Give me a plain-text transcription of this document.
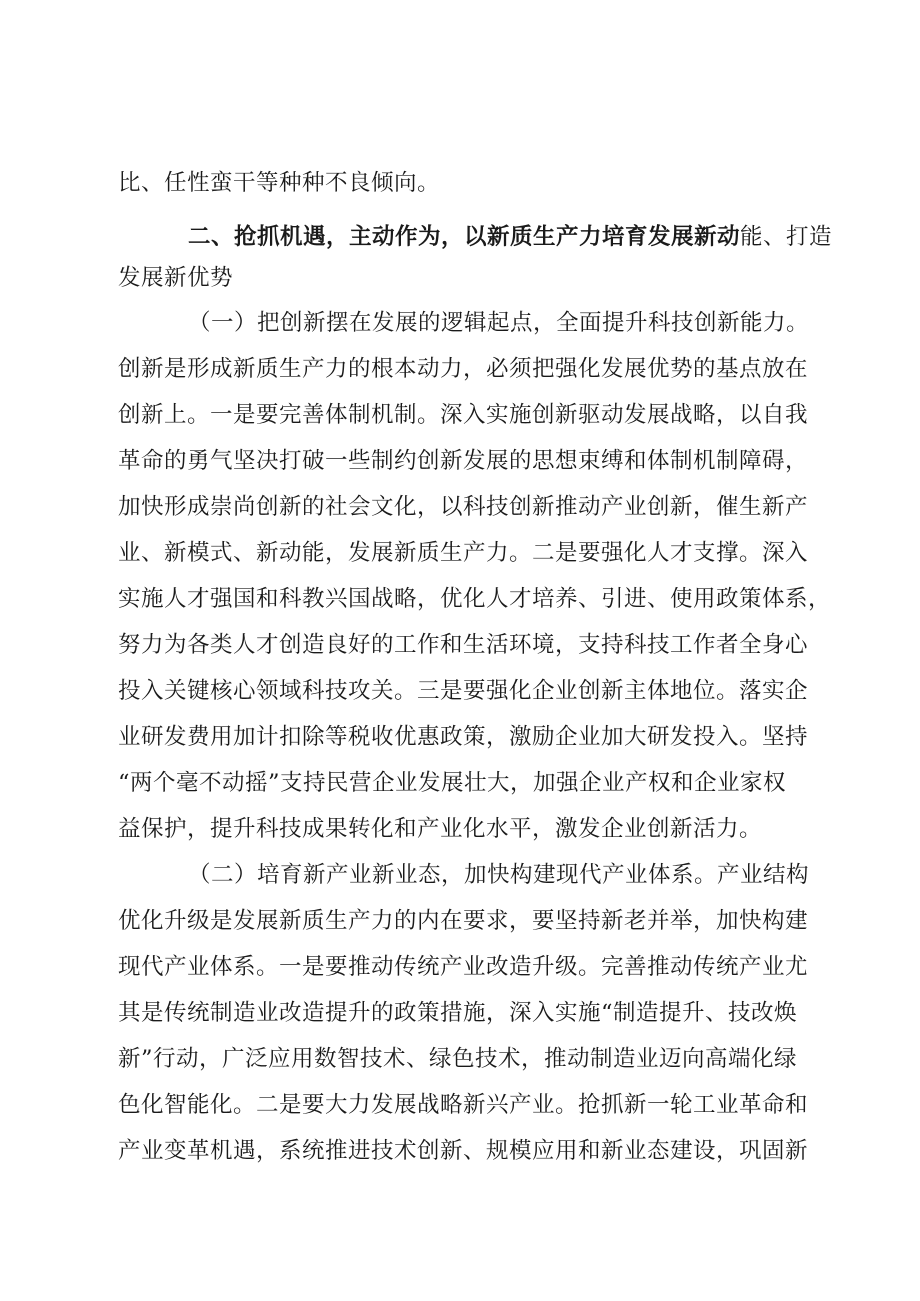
比、任性蛮干等种种不良倾向。
二、抢抓机遇，主动作为，以新质生产力培育发展新动能、打造
发展新优势
（一）把创新摆在发展的逻辑起点，全面提升科技创新能力。
创新是形成新质生产力的根本动力，必须把强化发展优势的基点放在
创新上。一是要完善体制机制。深入实施创新驱动发展战略，以自我
革命的勇气坚决打破一些制约创新发展的思想束缚和体制机制障碍，
加快形成崇尚创新的社会文化，以科技创新推动产业创新，催生新产
业、新模式、新动能，发展新质生产力。二是要强化人才支撑。深入
实施人才强国和科教兴国战略，优化人才培养、引进、使用政策体系，
努力为各类人才创造良好的工作和生活环境，支持科技工作者全身心
投入关键核心领域科技攻关。三是要强化企业创新主体地位。落实企
业研发费用加计扣除等税收优惠政策，激励企业加大研发投入。坚持
“两个毫不动摇”支持民营企业发展壮大，加强企业产权和企业家权
益保护，提升科技成果转化和产业化水平，激发企业创新活力。
（二）培育新产业新业态，加快构建现代产业体系。产业结构
优化升级是发展新质生产力的内在要求，要坚持新老并举，加快构建
现代产业体系。一是要推动传统产业改造升级。完善推动传统产业尤
其是传统制造业改造提升的政策措施，深入实施“制造提升、技改焕
新”行动，广泛应用数智技术、绿色技术，推动制造业迈向高端化绿
色化智能化。二是要大力发展战略新兴产业。抢抓新一轮工业革命和
产业变革机遇，系统推进技术创新、规模应用和新业态建设，巩固新
